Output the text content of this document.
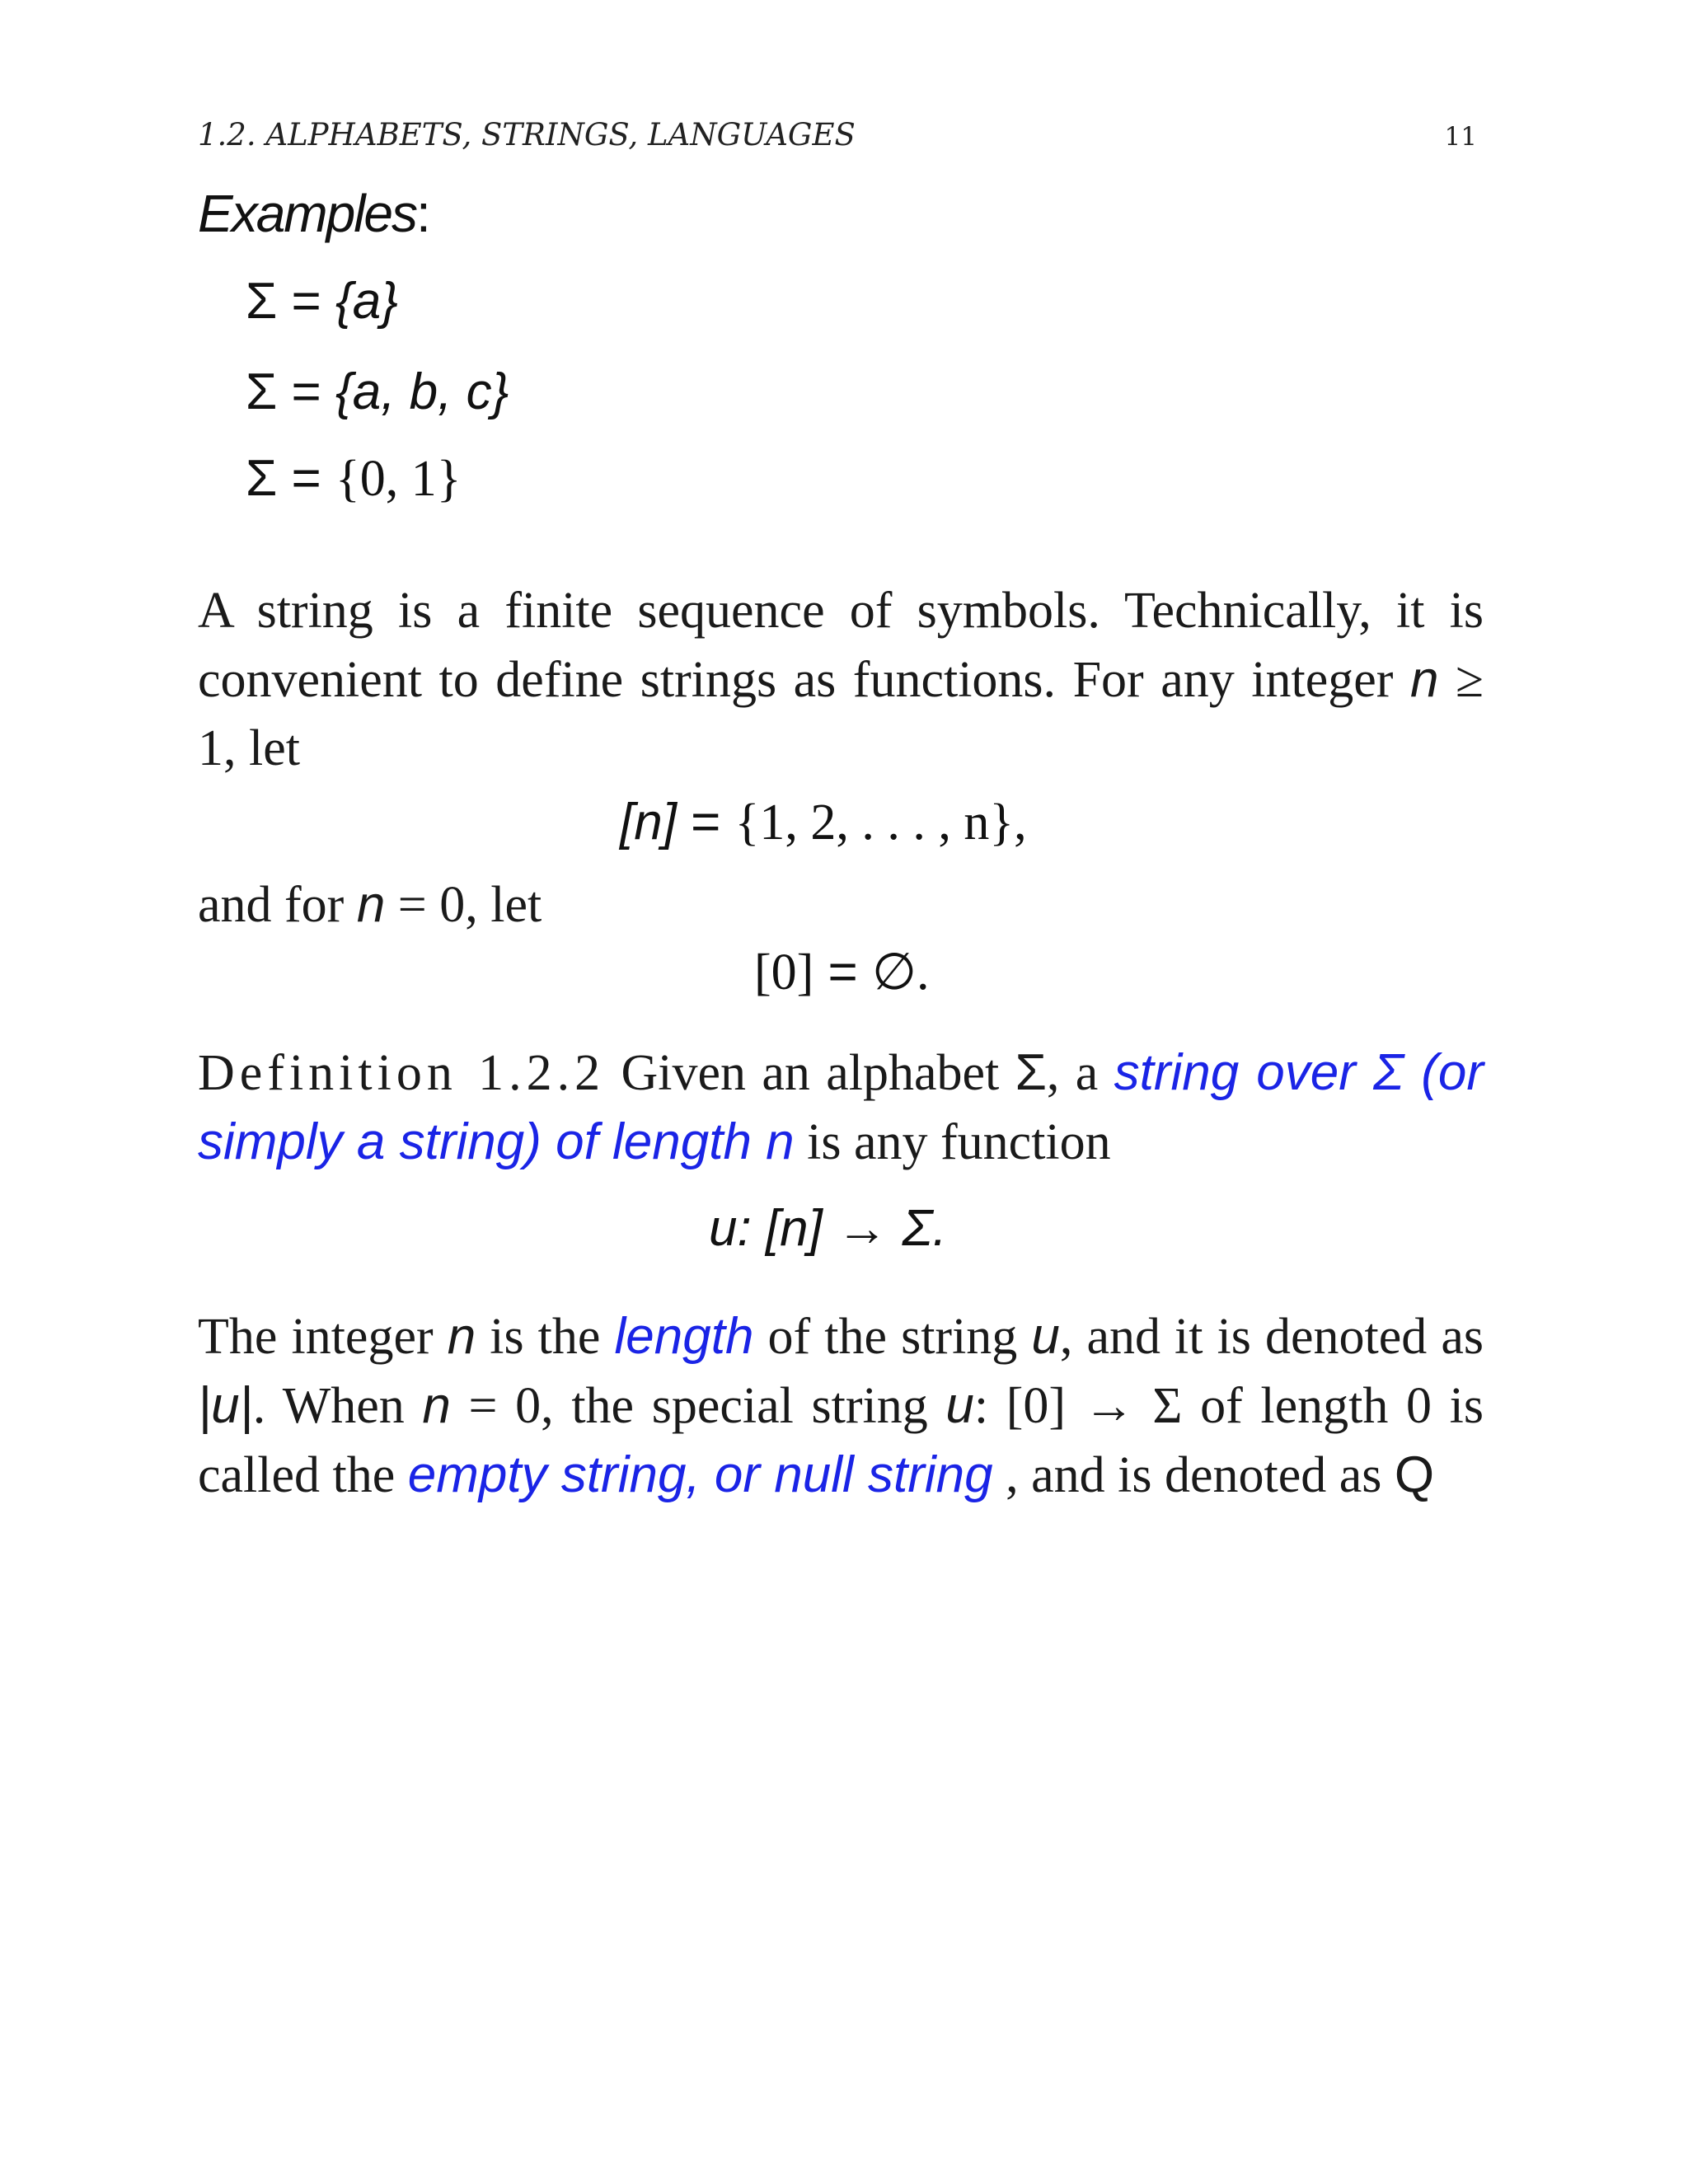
1.2. ALPHABETS, STRINGS, LANGUAGES	11
Examples:
Σ = {a}
Σ = {a, b, c}
Σ = {0, 1}
A string is a finite sequence of symbols. Technically, it is convenient to define strings as functions. For any integer n ≥ 1, let
[n] = {1, 2, . . . , n},
and for n = 0, let
[0] = ∅.
Definition 1.2.2 Given an alphabet Σ, a string over Σ (or simply a string) of length n is any function
u: [n] → Σ.
The integer n is the length of the string u, and it is denoted as |u|. When n = 0, the special string u: [0] → Σ of length 0 is called the empty string, or null string , and is denoted as Q
